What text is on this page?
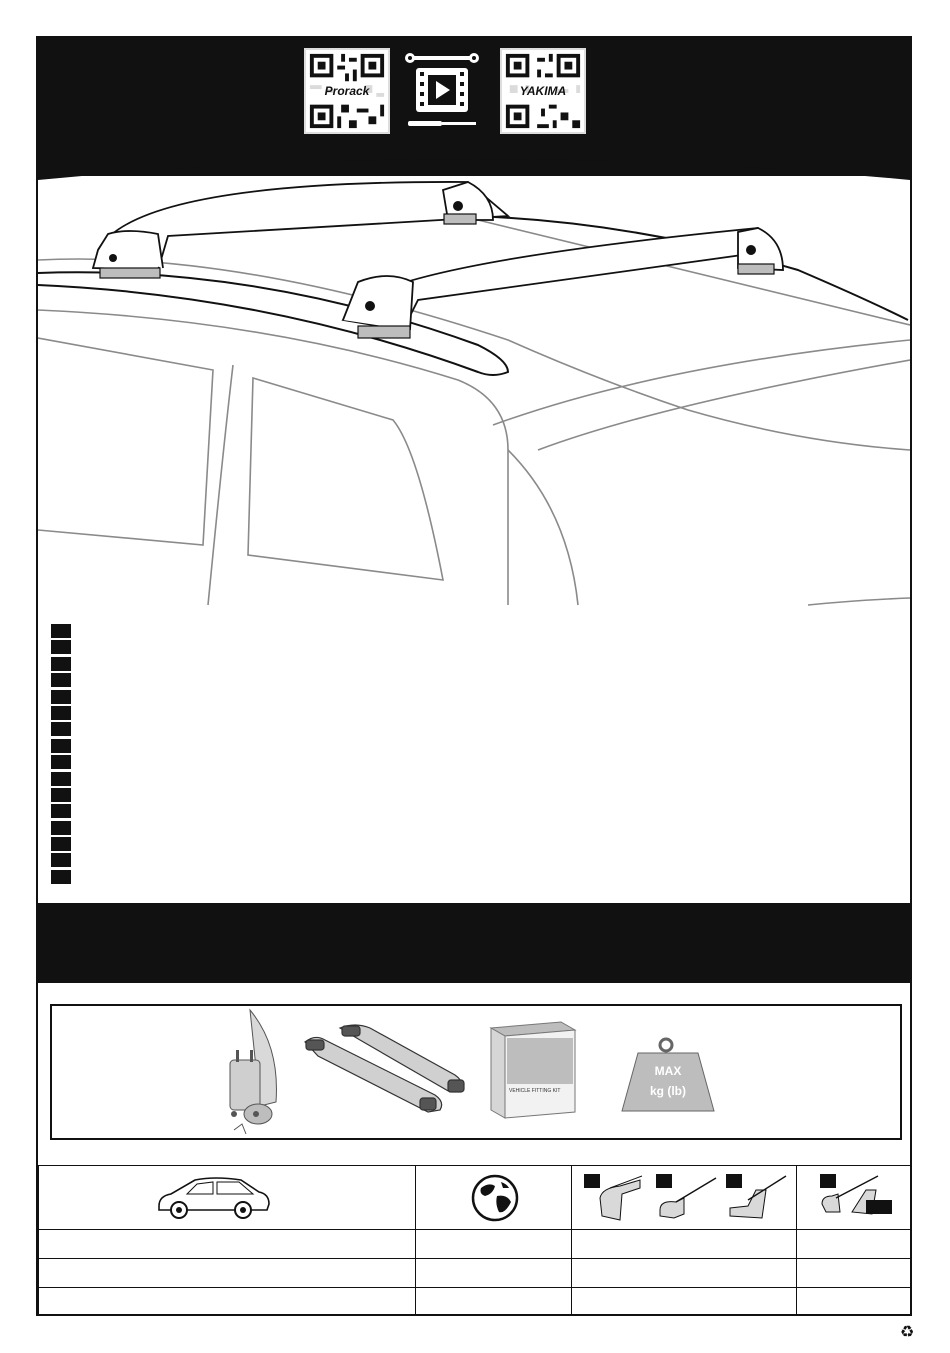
Prorack	YAKIMA
VEHICLE FITTING KIT
MAX
kg (lb)
♻
